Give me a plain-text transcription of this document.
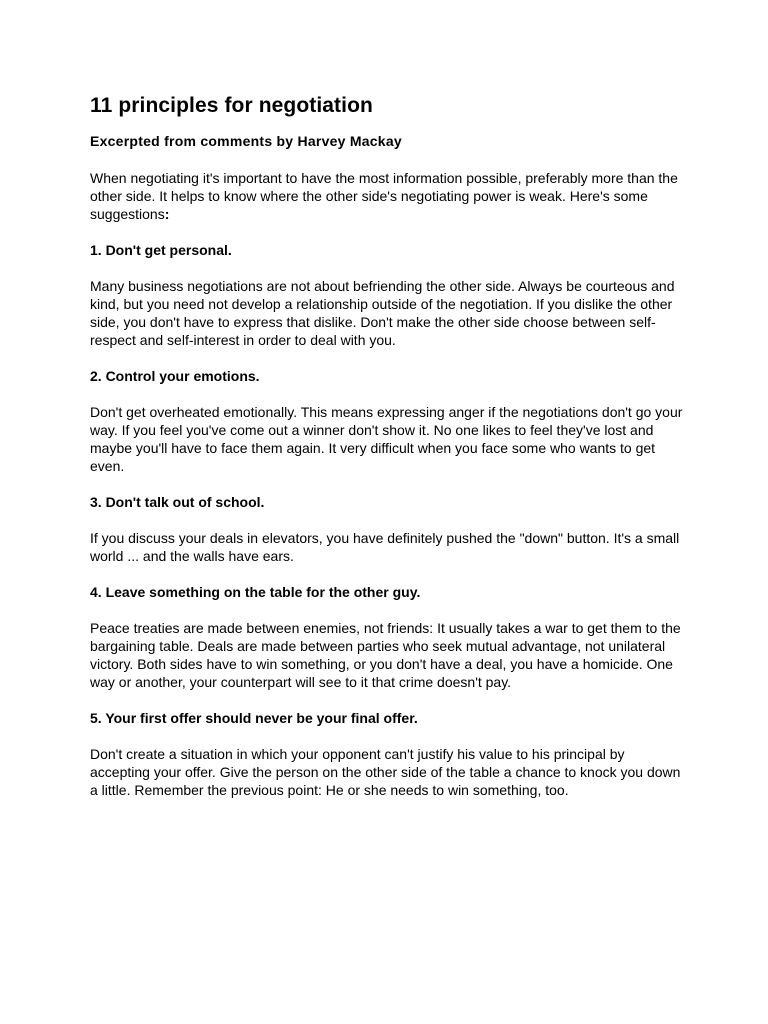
11 principles for negotiation

Excerpted from comments by Harvey Mackay

When negotiating it's important to have the most information possible, preferably more than the other side. It helps to know where the other side's negotiating power is weak. Here's some suggestions:

1. Don't get personal.

Many business negotiations are not about befriending the other side. Always be courteous and kind, but you need not develop a relationship outside of the negotiation. If you dislike the other side, you don't have to express that dislike. Don't make the other side choose between self-respect and self-interest in order to deal with you.

2. Control your emotions.

Don't get overheated emotionally. This means expressing anger if the negotiations don't go your way. If you feel you've come out a winner don't show it. No one likes to feel they've lost and maybe you'll have to face them again. It very difficult when you face some who wants to get even.

3. Don't talk out of school.

If you discuss your deals in elevators, you have definitely pushed the "down" button. It's a small world ... and the walls have ears.

4. Leave something on the table for the other guy.

Peace treaties are made between enemies, not friends: It usually takes a war to get them to the bargaining table. Deals are made between parties who seek mutual advantage, not unilateral victory. Both sides have to win something, or you don't have a deal, you have a homicide. One way or another, your counterpart will see to it that crime doesn't pay.

5. Your first offer should never be your final offer.

Don't create a situation in which your opponent can't justify his value to his principal by accepting your offer. Give the person on the other side of the table a chance to knock you down a little. Remember the previous point: He or she needs to win something, too.
